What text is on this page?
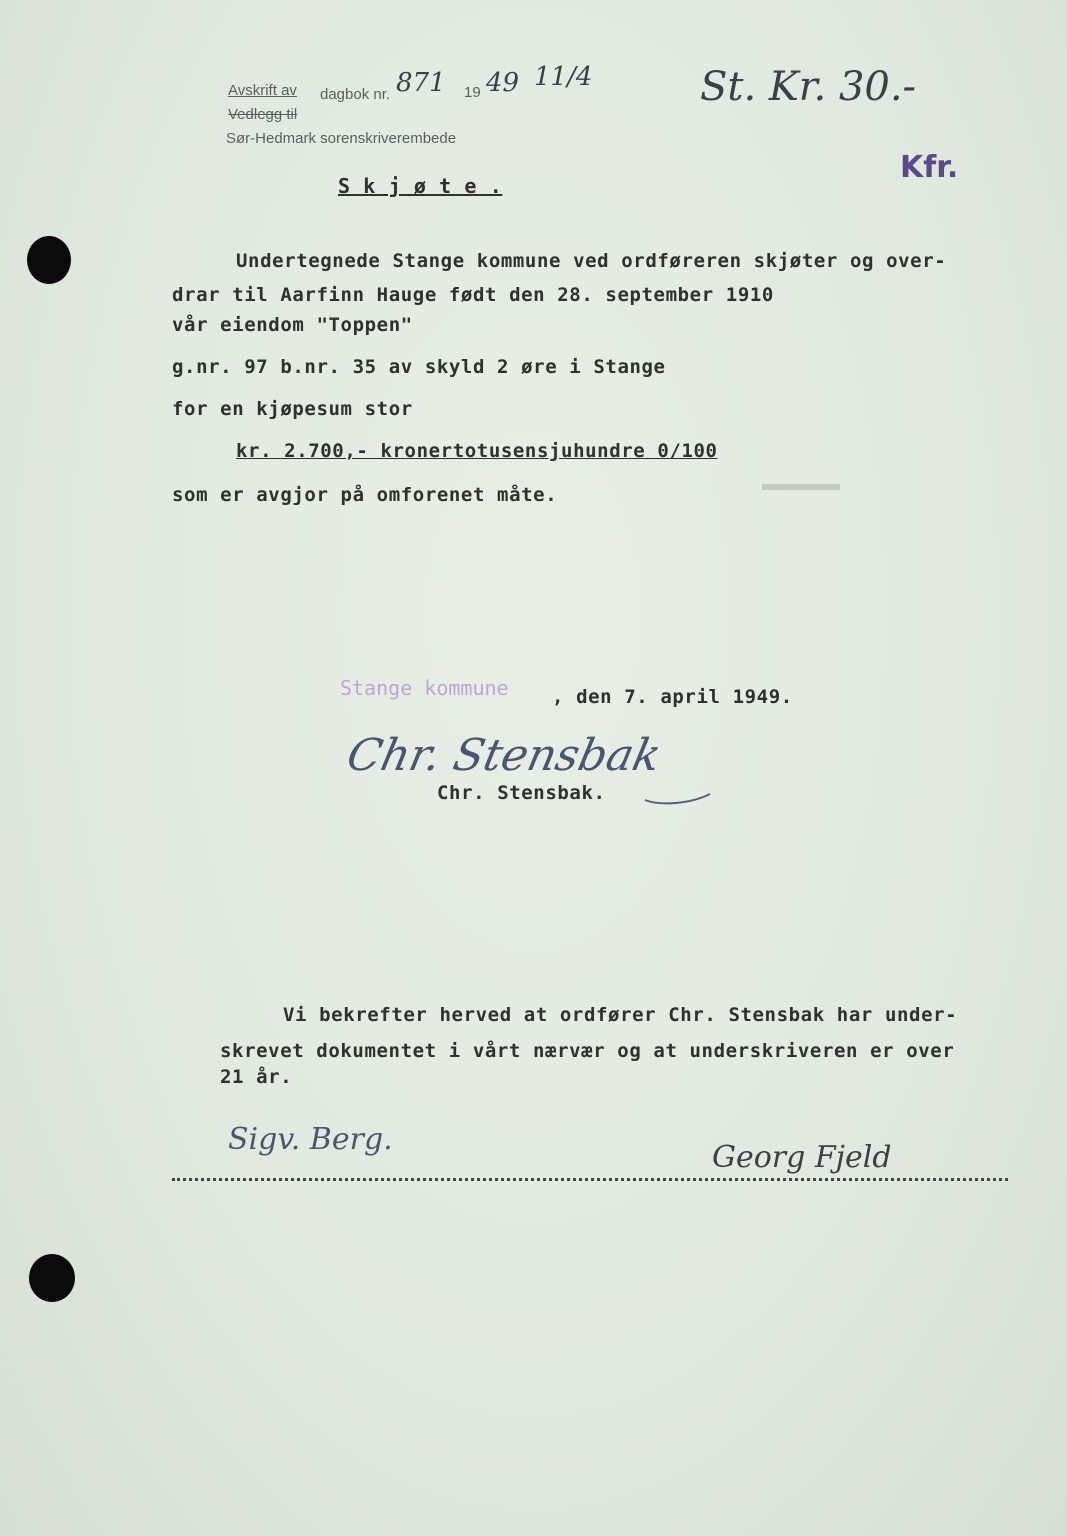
Avskrift av dagbok nr. 871 19 49 11/4
Vedlegg til
Sør-Hedmark sorenskriverembede
St. Kr. 30.-
Kfr.
S k j ø t e .
Undertegnede Stange kommune ved ordføreren skjøter og over-
drar til Aarfinn Hauge født den 28. september 1910
vår eiendom "Toppen"
g.nr. 97 b.nr. 35 av skyld 2 øre i Stange
for en kjøpesum stor
kr. 2.700,- kronertotusensjuhundre 0/100
som er avgjor på omforenet måte.
Stange kommune , den 7. april 1949.
Chr. Stensbak
Chr. Stensbak.
Vi bekrefter herved at ordfører Chr. Stensbak har under-
skrevet dokumentet i vårt nærvær og at underskriveren er over
21 år.
Sigv. Berg.
Georg Fjeld
